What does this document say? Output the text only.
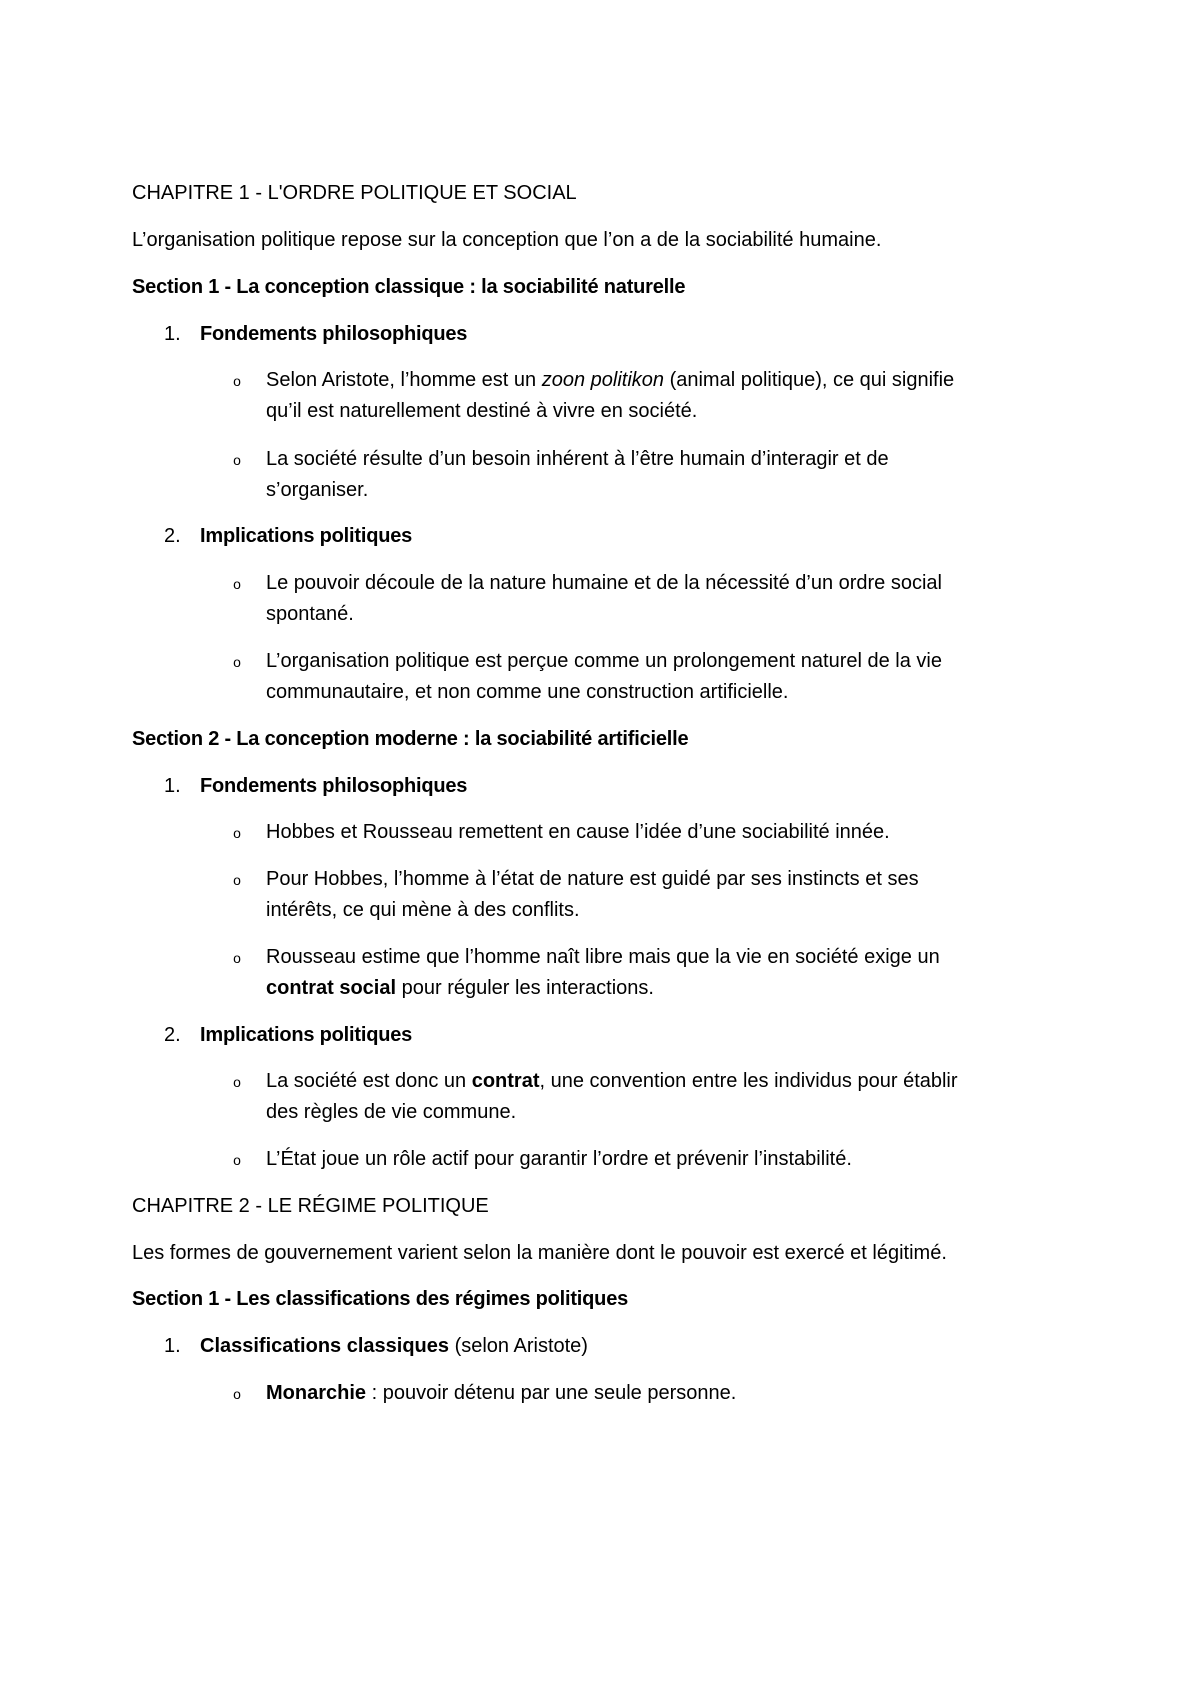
CHAPITRE 1 - L'ORDRE POLITIQUE ET SOCIAL
L’organisation politique repose sur la conception que l’on a de la sociabilité humaine.
Section 1 - La conception classique : la sociabilité naturelle
1. Fondements philosophiques
o Selon Aristote, l’homme est un zoon politikon (animal politique), ce qui signifie
qu’il est naturellement destiné à vivre en société.
o La société résulte d’un besoin inhérent à l’être humain d’interagir et de
s’organiser.
2. Implications politiques
o Le pouvoir découle de la nature humaine et de la nécessité d’un ordre social
spontané.
o L’organisation politique est perçue comme un prolongement naturel de la vie
communautaire, et non comme une construction artificielle.
Section 2 - La conception moderne : la sociabilité artificielle
1. Fondements philosophiques
o Hobbes et Rousseau remettent en cause l’idée d’une sociabilité innée.
o Pour Hobbes, l’homme à l’état de nature est guidé par ses instincts et ses
intérêts, ce qui mène à des conflits.
o Rousseau estime que l’homme naît libre mais que la vie en société exige un
contrat social pour réguler les interactions.
2. Implications politiques
o La société est donc un contrat, une convention entre les individus pour établir
des règles de vie commune.
o L’État joue un rôle actif pour garantir l’ordre et prévenir l’instabilité.
CHAPITRE 2 - LE RÉGIME POLITIQUE
Les formes de gouvernement varient selon la manière dont le pouvoir est exercé et légitimé.
Section 1 - Les classifications des régimes politiques
1. Classifications classiques (selon Aristote)
o Monarchie : pouvoir détenu par une seule personne.
